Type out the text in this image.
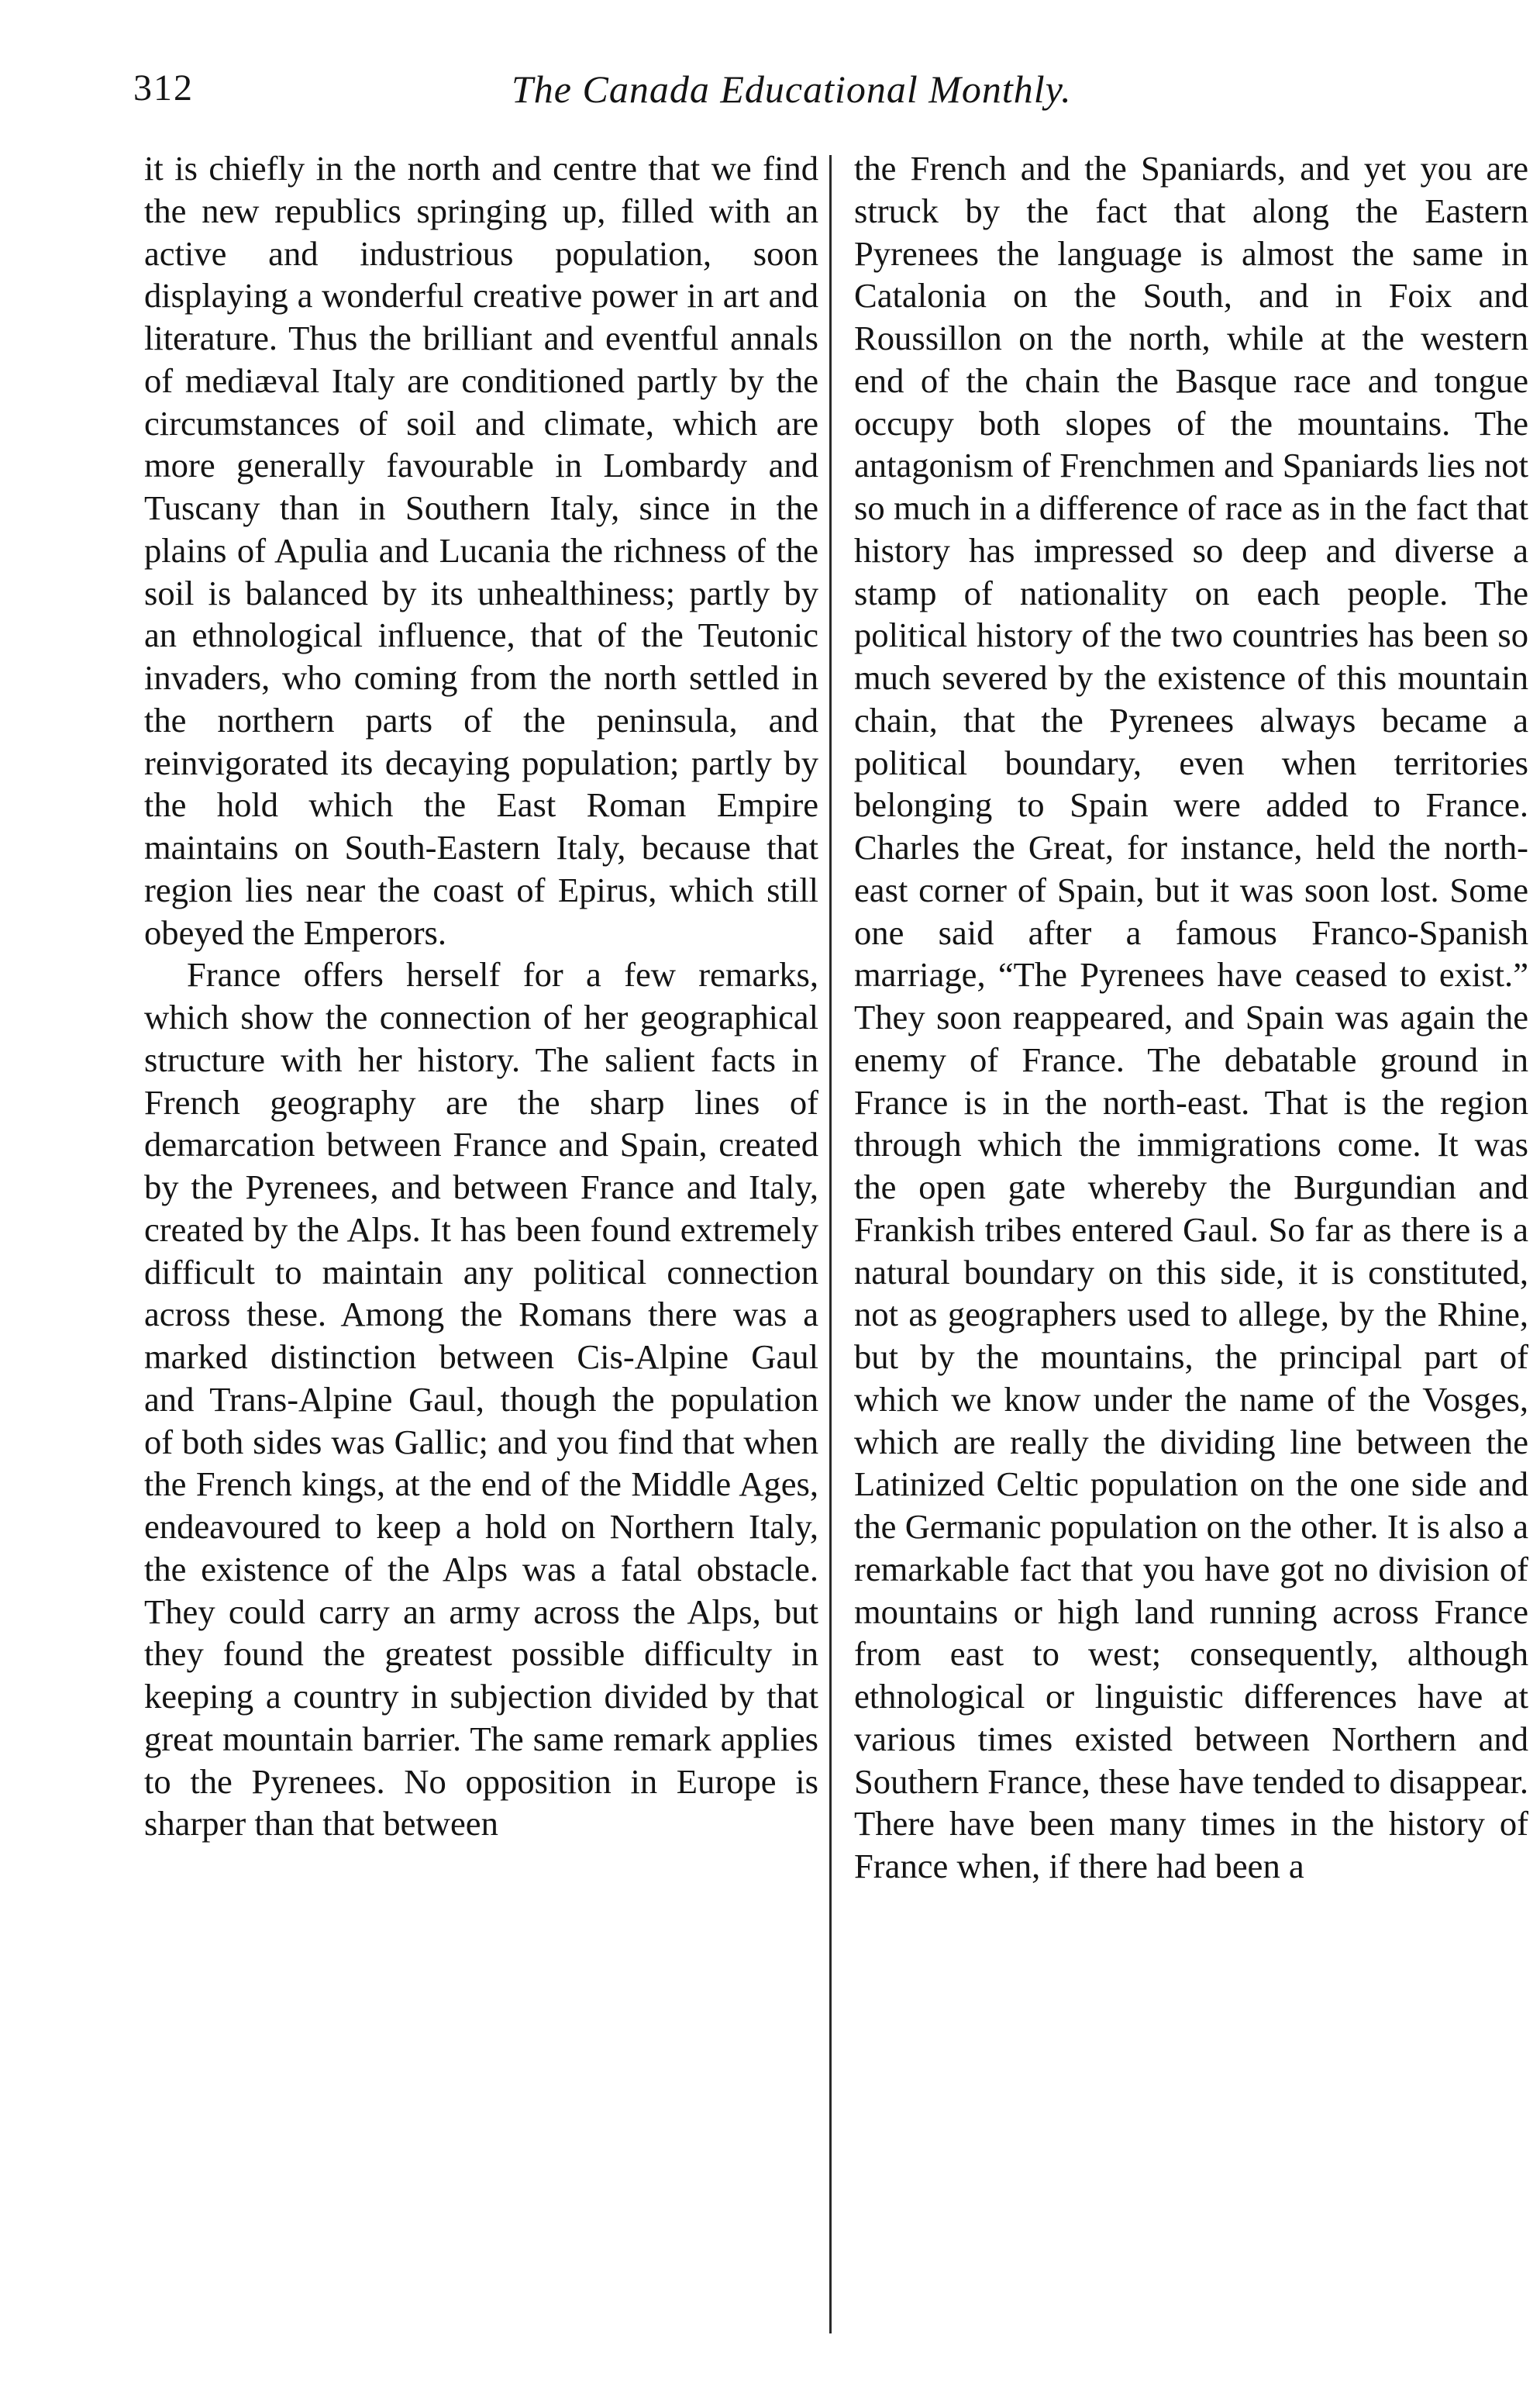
312	The Canada Educational Monthly.

it is chiefly in the north and centre that we find the new republics springing up, filled with an active and industrious population, soon displaying a wonderful creative power in art and literature. Thus the brilliant and eventful annals of mediæval Italy are conditioned partly by the circumstances of soil and climate, which are more generally favourable in Lombardy and Tuscany than in Southern Italy, since in the plains of Apulia and Lucania the richness of the soil is balanced by its unhealthiness; partly by an ethnological influence, that of the Teutonic invaders, who coming from the north settled in the northern parts of the peninsula, and reinvigorated its decaying population; partly by the hold which the East Roman Empire maintains on South-Eastern Italy, because that region lies near the coast of Epirus, which still obeyed the Emperors.

France offers herself for a few remarks, which show the connection of her geographical structure with her history. The salient facts in French geography are the sharp lines of demarcation between France and Spain, created by the Pyrenees, and between France and Italy, created by the Alps. It has been found extremely difficult to maintain any political connection across these. Among the Romans there was a marked distinction between Cis-Alpine Gaul and Trans-Alpine Gaul, though the population of both sides was Gallic; and you find that when the French kings, at the end of the Middle Ages, endeavoured to keep a hold on Northern Italy, the existence of the Alps was a fatal obstacle. They could carry an army across the Alps, but they found the greatest possible difficulty in keeping a country in subjection divided by that great mountain barrier. The same remark applies to the Pyrenees. No opposition in Europe is sharper than that between

the French and the Spaniards, and yet you are struck by the fact that along the Eastern Pyrenees the language is almost the same in Catalonia on the South, and in Foix and Roussillon on the north, while at the western end of the chain the Basque race and tongue occupy both slopes of the mountains. The antagonism of Frenchmen and Spaniards lies not so much in a difference of race as in the fact that history has impressed so deep and diverse a stamp of nationality on each people. The political history of the two countries has been so much severed by the existence of this mountain chain, that the Pyrenees always became a political boundary, even when territories belonging to Spain were added to France. Charles the Great, for instance, held the north-east corner of Spain, but it was soon lost. Some one said after a famous Franco-Spanish marriage, “The Pyrenees have ceased to exist.” They soon reappeared, and Spain was again the enemy of France. The debatable ground in France is in the north-east. That is the region through which the immigrations come. It was the open gate whereby the Burgundian and Frankish tribes entered Gaul. So far as there is a natural boundary on this side, it is constituted, not as geographers used to allege, by the Rhine, but by the mountains, the principal part of which we know under the name of the Vosges, which are really the dividing line between the Latinized Celtic population on the one side and the Germanic population on the other. It is also a remarkable fact that you have got no division of mountains or high land running across France from east to west; consequently, although ethnological or linguistic differences have at various times existed between Northern and Southern France, these have tended to disappear. There have been many times in the history of France when, if there had been a
